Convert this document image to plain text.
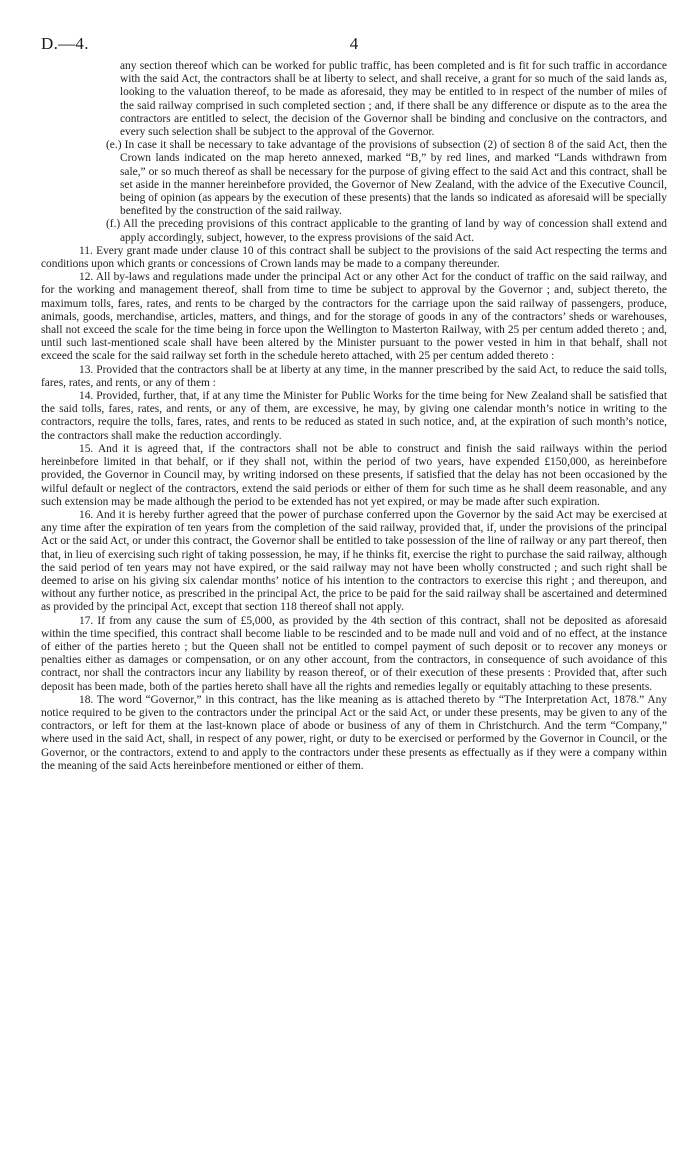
D.—4.	4

any section thereof which can be worked for public traffic, has been completed and is fit for such traffic in accordance with the said Act, the contractors shall be at liberty to select, and shall receive, a grant for so much of the said lands as, looking to the valuation thereof, to be made as aforesaid, they may be entitled to in respect of the number of miles of the said railway comprised in such completed section ; and, if there shall be any difference or dispute as to the area the contractors are entitled to select, the decision of the Governor shall be binding and conclusive on the contractors, and every such selection shall be subject to the approval of the Governor.

(e.) In case it shall be necessary to take advantage of the provisions of subsection (2) of section 8 of the said Act, then the Crown lands indicated on the map hereto annexed, marked “B,” by red lines, and marked “Lands withdrawn from sale,” or so much thereof as shall be necessary for the purpose of giving effect to the said Act and this contract, shall be set aside in the manner hereinbefore provided, the Governor of New Zealand, with the advice of the Executive Council, being of opinion (as appears by the execution of these presents) that the lands so indicated as aforesaid will be specially benefited by the construction of the said railway.

(f.) All the preceding provisions of this contract applicable to the granting of land by way of concession shall extend and apply accordingly, subject, however, to the express provisions of the said Act.

11. Every grant made under clause 10 of this contract shall be subject to the provisions of the said Act respecting the terms and conditions upon which grants or concessions of Crown lands may be made to a company thereunder.

12. All by-laws and regulations made under the principal Act or any other Act for the conduct of traffic on the said railway, and for the working and management thereof, shall from time to time be subject to approval by the Governor ; and, subject thereto, the maximum tolls, fares, rates, and rents to be charged by the contractors for the carriage upon the said railway of passengers, produce, animals, goods, merchandise, articles, matters, and things, and for the storage of goods in any of the contractors’ sheds or warehouses, shall not exceed the scale for the time being in force upon the Wellington to Masterton Railway, with 25 per centum added thereto ; and, until such last-mentioned scale shall have been altered by the Minister pursuant to the power vested in him in that behalf, shall not exceed the scale for the said railway set forth in the schedule hereto attached, with 25 per centum added thereto :

13. Provided that the contractors shall be at liberty at any time, in the manner prescribed by the said Act, to reduce the said tolls, fares, rates, and rents, or any of them :

14. Provided, further, that, if at any time the Minister for Public Works for the time being for New Zealand shall be satisfied that the said tolls, fares, rates, and rents, or any of them, are excessive, he may, by giving one calendar month’s notice in writing to the contractors, require the tolls, fares, rates, and rents to be reduced as stated in such notice, and, at the expiration of such month’s notice, the contractors shall make the reduction accordingly.

15. And it is agreed that, if the contractors shall not be able to construct and finish the said railways within the period hereinbefore limited in that behalf, or if they shall not, within the period of two years, have expended £150,000, as hereinbefore provided, the Governor in Council may, by writing indorsed on these presents, if satisfied that the delay has not been occasioned by the wilful default or neglect of the contractors, extend the said periods or either of them for such time as he shall deem reasonable, and any such extension may be made although the period to be extended has not yet expired, or may be made after such expiration.

16. And it is hereby further agreed that the power of purchase conferred upon the Governor by the said Act may be exercised at any time after the expiration of ten years from the completion of the said railway, provided that, if, under the provisions of the principal Act or the said Act, or under this contract, the Governor shall be entitled to take possession of the line of railway or any part thereof, then that, in lieu of exercising such right of taking possession, he may, if he thinks fit, exercise the right to purchase the said railway, although the said period of ten years may not have expired, or the said railway may not have been wholly constructed ; and such right shall be deemed to arise on his giving six calendar months’ notice of his intention to the contractors to exercise this right ; and thereupon, and without any further notice, as prescribed in the principal Act, the price to be paid for the said railway shall be ascertained and determined as provided by the principal Act, except that section 118 thereof shall not apply.

17. If from any cause the sum of £5,000, as provided by the 4th section of this contract, shall not be deposited as aforesaid within the time specified, this contract shall become liable to be rescinded and to be made null and void and of no effect, at the instance of either of the parties hereto ; but the Queen shall not be entitled to compel payment of such deposit or to recover any moneys or penalties either as damages or compensation, or on any other account, from the contractors, in consequence of such avoidance of this contract, nor shall the contractors incur any liability by reason thereof, or of their execution of these presents : Provided that, after such deposit has been made, both of the parties hereto shall have all the rights and remedies legally or equitably attaching to these presents.

18. The word “Governor,” in this contract, has the like meaning as is attached thereto by “The Interpretation Act, 1878.” Any notice required to be given to the contractors under the principal Act or the said Act, or under these presents, may be given to any of the contractors, or left for them at the last-known place of abode or business of any of them in Christchurch. And the term “Company,” where used in the said Act, shall, in respect of any power, right, or duty to be exercised or performed by the Governor in Council, or the Governor, or the contractors, extend to and apply to the contractors under these presents as effectually as if they were a company within the meaning of the said Acts hereinbefore mentioned or either of them.
